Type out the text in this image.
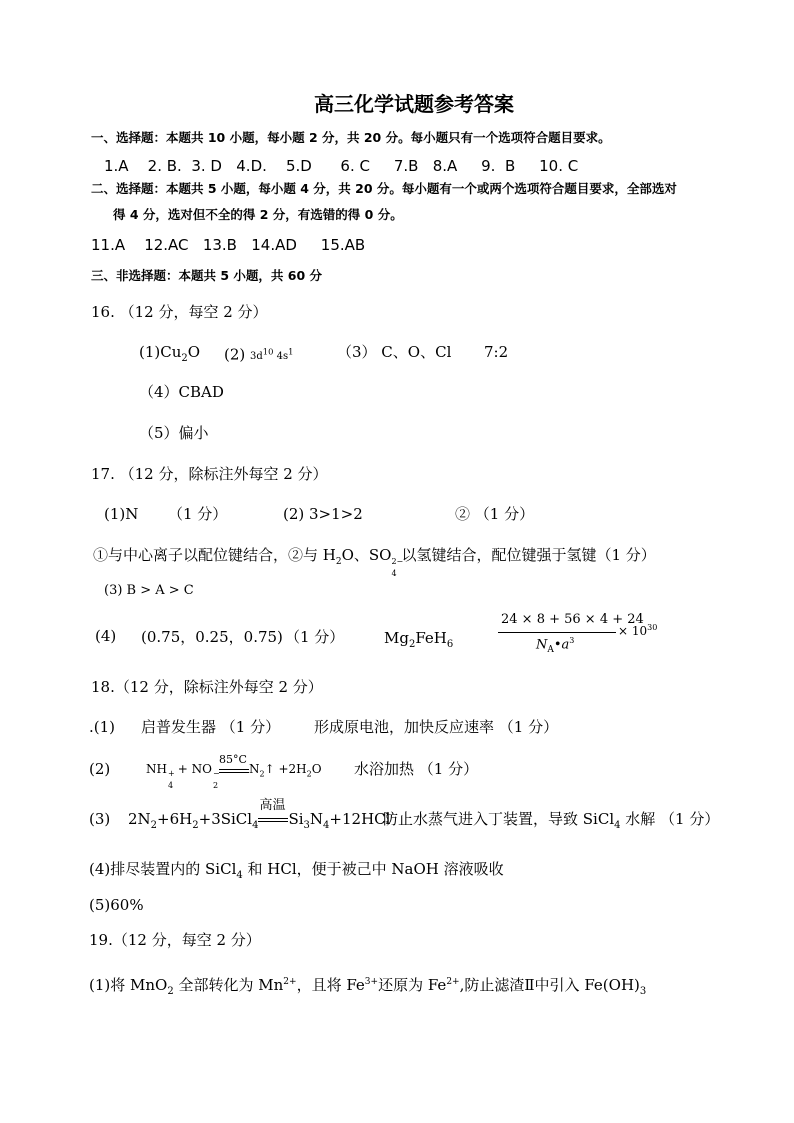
高三化学试题参考答案
一、选择题：本题共 10 小题，每小题 2 分，共 20 分。每小题只有一个选项符合题目要求。
1.A    2. B.  3. D   4.D.    5.D      6. C     7.B   8.A     9.  B     10. C
二、选择题：本题共 5 小题，每小题 4 分，共 20 分。每小题有一个或两个选项符合题目要求，全部选对
得 4 分，选对但不全的得 2 分，有选错的得 0 分。
11.A    12.AC   13.B   14.AD     15.AB
三、非选择题：本题共 5 小题，共 60 分
16. （12 分，每空 2 分）
$(1)Cu_2O$ (2) $3d^{10}$ $4s^1$	（3） C、O、Cl 7:2
（4）CBAD
（5）偏小
17. （12 分，除标注外每空 2 分）
(1)N （1 分）	(2) 3>1>2	② （1 分）
①与中心离子以配位键结合，②与 $H_2O$、SO 2−
4
以氢键结合，配位键强于氢键（1 分）
(3) B > A > C
(4) (0.75，0.25，0.75) （1 分）	$Mg_2FeH_6$
24 × 8 + 56 × 4 + 24
$N_A•a^3$
× $10^{30}$
18.（12 分，除标注外每空 2 分）
.(1) 启普发生器 （1 分） 形成原电池，加快反应速率 （1 分）
(2)	NH +
4
+ NO −
2
85°C
$N_2↑ +2H_2O$ 水浴加热 （1 分）
(3) $2N_2+6H_2+3SiCl_4$
高温
$Si_3N_4+12HCl$
防止水蒸气进入丁装置，导致 SiCl$_4$ 水解 （1 分）
(4)排尽装置内的 SiCl$_4$ 和 HCl，便于被己中 NaOH 溶液吸收
(5)60%
19.（12 分，每空 2 分）
(1)将 MnO$_2$ 全部转化为 $Mn^{2+}$，且将 $Fe^{3+}$还原为 $Fe^{2+}$,防止滤渣Ⅱ中引入 $Fe(OH)_3$
